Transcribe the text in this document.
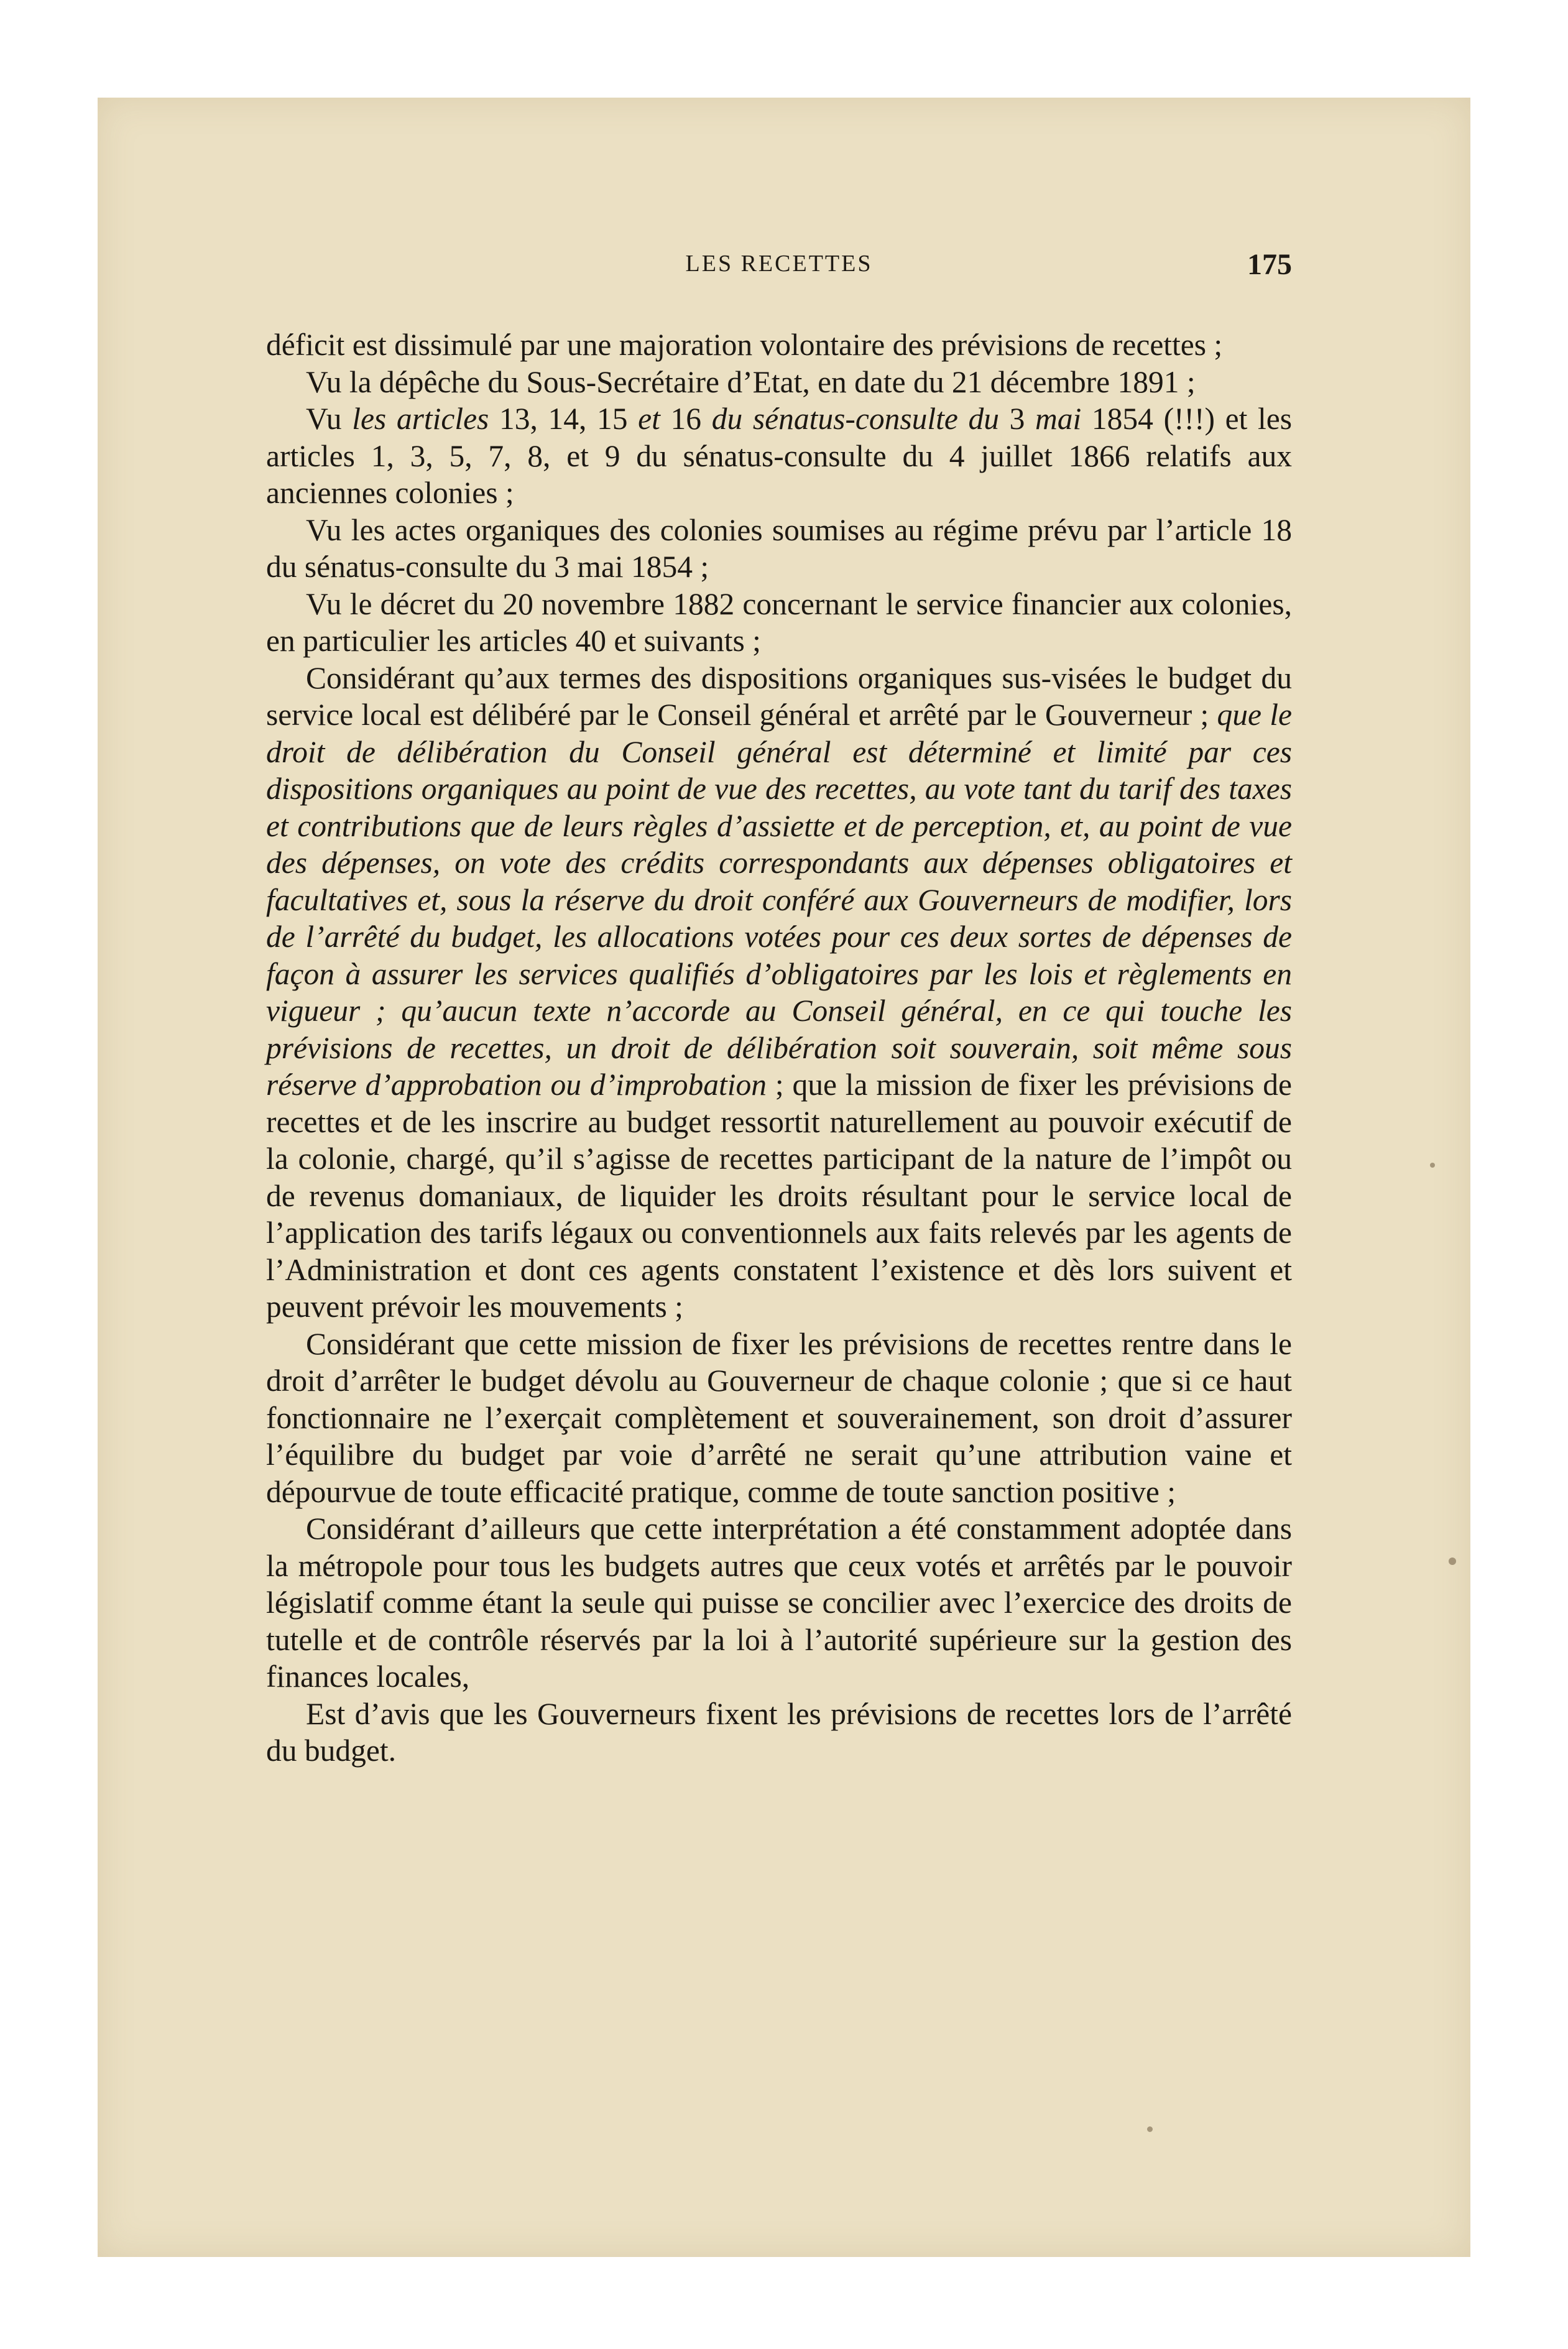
LES RECETTES	175

déficit est dissimulé par une majoration volontaire des prévisions de recettes ;

Vu la dépêche du Sous-Secrétaire d’Etat, en date du 21 décembre 1891 ;

Vu les articles 13, 14, 15 et 16 du sénatus-consulte du 3 mai 1854 (!!!) et les articles 1, 3, 5, 7, 8, et 9 du sénatus-consulte du 4 juillet 1866 relatifs aux anciennes colonies ;

Vu les actes organiques des colonies soumises au régime prévu par l’article 18 du sénatus-consulte du 3 mai 1854 ;

Vu le décret du 20 novembre 1882 concernant le service financier aux colonies, en particulier les articles 40 et suivants ;

Considérant qu’aux termes des dispositions organiques sus-visées le budget du service local est délibéré par le Conseil général et arrêté par le Gouverneur ; que le droit de délibération du Conseil général est déterminé et limité par ces dispositions organiques au point de vue des recettes, au vote tant du tarif des taxes et contributions que de leurs règles d’assiette et de perception, et, au point de vue des dépenses, on vote des crédits correspondants aux dépenses obligatoires et facultatives et, sous la réserve du droit conféré aux Gouverneurs de modifier, lors de l’arrêté du budget, les allocations votées pour ces deux sortes de dépenses de façon à assurer les services qualifiés d’obligatoires par les lois et règlements en vigueur ; qu’aucun texte n’accorde au Conseil général, en ce qui touche les prévisions de recettes, un droit de délibération soit souverain, soit même sous réserve d’approbation ou d’improbation ; que la mission de fixer les prévisions de recettes et de les inscrire au budget ressortit naturellement au pouvoir exécutif de la colonie, chargé, qu’il s’agisse de recettes participant de la nature de l’impôt ou de revenus domaniaux, de liquider les droits résultant pour le service local de l’application des tarifs légaux ou conventionnels aux faits relevés par les agents de l’Administration et dont ces agents constatent l’existence et dès lors suivent et peuvent prévoir les mouvements ;

Considérant que cette mission de fixer les prévisions de recettes rentre dans le droit d’arrêter le budget dévolu au Gouverneur de chaque colonie ; que si ce haut fonctionnaire ne l’exerçait complètement et souverainement, son droit d’assurer l’équilibre du budget par voie d’arrêté ne serait qu’une attribution vaine et dépourvue de toute efficacité pratique, comme de toute sanction positive ;

Considérant d’ailleurs que cette interprétation a été constamment adoptée dans la métropole pour tous les budgets autres que ceux votés et arrêtés par le pouvoir législatif comme étant la seule qui puisse se concilier avec l’exercice des droits de tutelle et de contrôle réservés par la loi à l’autorité supérieure sur la gestion des finances locales,

Est d’avis que les Gouverneurs fixent les prévisions de recettes lors de l’arrêté du budget.
